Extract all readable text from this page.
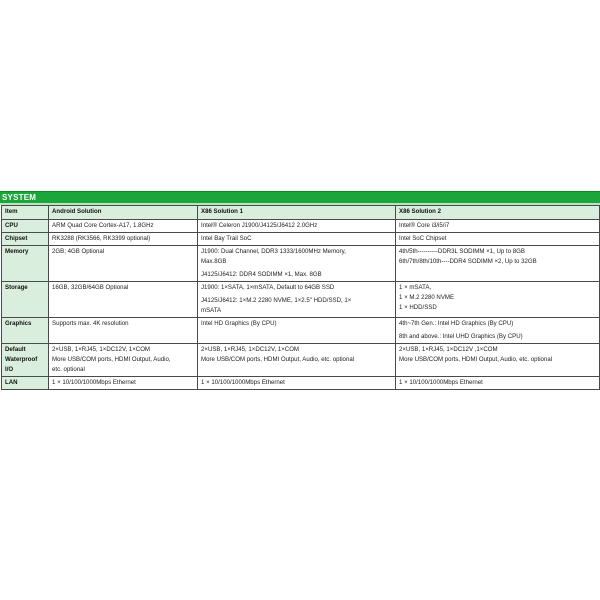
SYSTEM
Item	Android Solution	X86 Solution 1	X86 Solution 2

CPU	ARM Quad Core Cortex-A17, 1.8GHz	Intel® Celeron J1900/J4125/J6412 2.0GHz	Intel® Core i3/i5/i7

Chipset	RK3288 (RK3566, RK3399 optional)	Intel Bay Trail SoC	Intel SoC Chipset

Memory	2GB; 4GB Optional	J1900: Dual Channel, DDR3 1333/1600MHz Memory,
Max.8GB
J4125/J6412: DDR4 SODIMM ×1, Max. 8GB	4th/5th----------DDR3L SODIMM ×1, Up to 8GB
6th/7th/8th/10th----DDR4 SODIMM ×2, Up to 32GB

Storage	16GB, 32GB/64GB Optional	J1900: 1×SATA, 1×mSATA, Default to 64GB SSD
J4125/J6412: 1×M.2 2280 NVME, 1×2.5" HDD/SSD, 1×
mSATA	1 × mSATA,
1 × M.2 2280 NVME
1 × HDD/SSD

Graphics	Supports max. 4K resolution	Intel HD Graphics (By CPU)	4th~7th Gen.: Intel HD Graphics (By CPU)
8th and above.: Intel UHD Graphics (By CPU)

Default
Waterproof
I/O	2×USB, 1×RJ45, 1×DC12V, 1×COM
More USB/COM ports, HDMI Output, Audio,
etc. optional	2×USB, 1×RJ45, 1×DC12V, 1×COM
More USB/COM ports, HDMI Output, Audio, etc. optional	2×USB, 1×RJ45, 1×DC12V ,1×COM
More USB/COM ports, HDMI Output, Audio, etc. optional

LAN	1 × 10/100/1000Mbps Ethernet	1 × 10/100/1000Mbps Ethernet	1 × 10/100/1000Mbps Ethernet
